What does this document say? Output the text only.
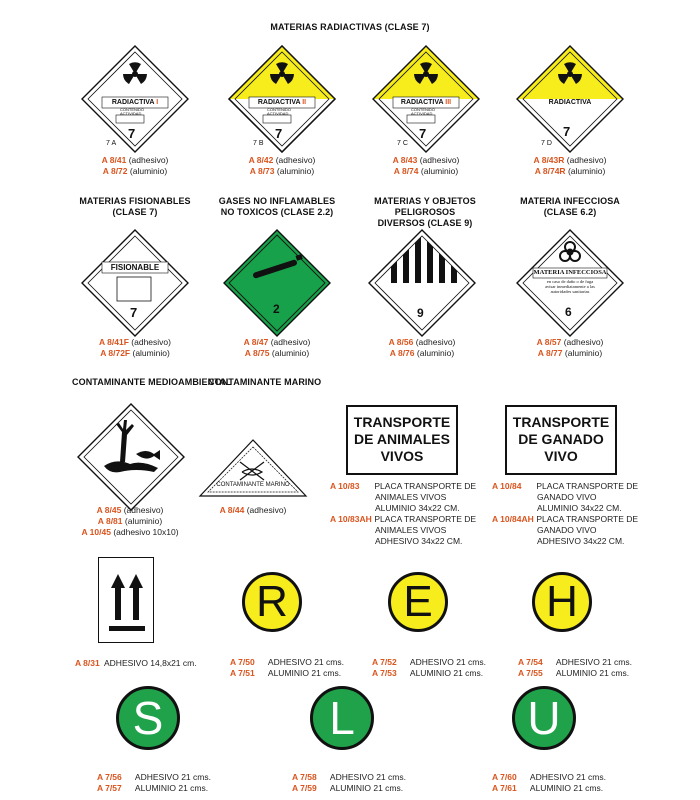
MATERIAS RADIACTIVAS (CLASE 7)
RADIACTIVA I
CONTENIDO
ACTIVIDAD
7
7 A
RADIACTIVA II
CONTENIDO
ACTIVIDAD
7
7 B
RADIACTIVA III
CONTENIDO
ACTIVIDAD
7
7 C
RADIACTIVA
7
7 D
A 8/41 (adhesivo)
A 8/72 (aluminio)
A 8/42 (adhesivo)
A 8/73 (aluminio)
A 8/43 (adhesivo)
A 8/74 (aluminio)
A 8/43R (adhesivo)
A 8/74R (aluminio)
MATERIAS FISIONABLES
(CLASE 7)
GASES NO INFLAMABLES
NO TOXICOS (CLASE 2.2)
MATERIAS Y OBJETOS PELIGROSOS
DIVERSOS (CLASE 9)
MATERIA INFECCIOSA
(CLASE 6.2)
FISIONABLE
7	2	9
MATERIA INFECCIOSA
en caso de daño o de fuga avisar inmediatamente a las autoridades sanitarias
6
A 8/41F (adhesivo)
A 8/72F (aluminio)
A 8/47 (adhesivo)
A 8/75 (aluminio)
A 8/56 (adhesivo)
A 8/76 (aluminio)
A 8/57 (adhesivo)
A 8/77 (aluminio)
CONTAMINANTE MEDIOAMBIENTAL
CONTAMINANTE MARINO
A 8/45 (adhesivo)
A 8/81 (aluminio)
A 10/45 (adhesivo 10x10)
CONTAMINANTE MARINO
A 8/44 (adhesivo)
TRANSPORTE
DE ANIMALES
VIVOS
A 10/83 PLACA TRANSPORTE DE
ANIMALES VIVOS
ALUMINIO 34x22 CM.
A 10/83AH PLACA TRANSPORTE DE
ANIMALES VIVOS
ADHESIVO 34x22 CM.
TRANSPORTE
DE GANADO
VIVO
A 10/84 PLACA TRANSPORTE DE
GANADO VIVO
ALUMINIO 34x22 CM.
A 10/84AH PLACA TRANSPORTE DE
GANADO VIVO
ADHESIVO 34x22 CM.
A 8/31 ADHESIVO 14,8x21 cm.
R	E	H
A 7/50 ADHESIVO 21 cms.
A 7/51 ALUMINIO 21 cms.
A 7/52 ADHESIVO 21 cms.
A 7/53 ALUMINIO 21 cms.
A 7/54 ADHESIVO 21 cms.
A 7/55 ALUMINIO 21 cms.
S	L	U
A 7/56 ADHESIVO 21 cms.
A 7/57 ALUMINIO 21 cms.
A 7/58 ADHESIVO 21 cms.
A 7/59 ALUMINIO 21 cms.
A 7/60 ADHESIVO 21 cms.
A 7/61 ALUMINIO 21 cms.
